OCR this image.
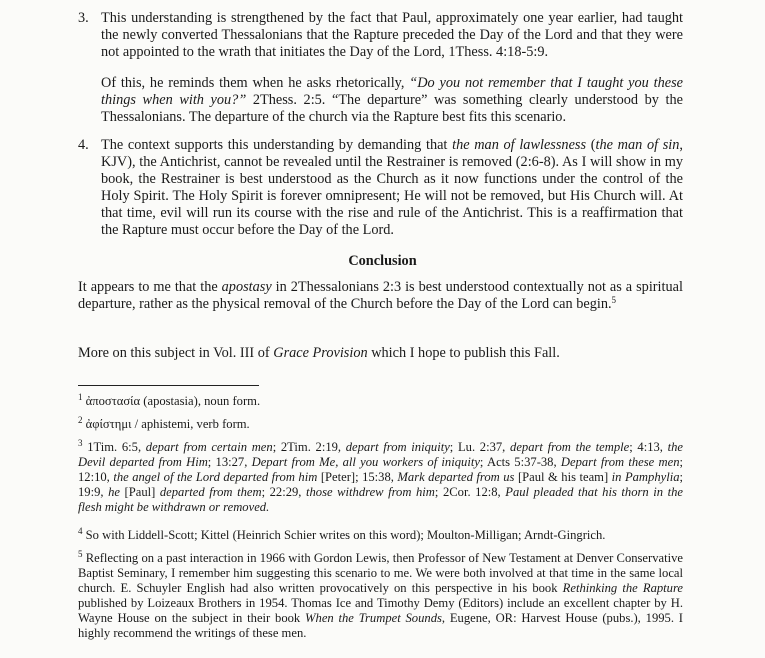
3. This understanding is strengthened by the fact that Paul, approximately one year earlier, had taught the newly converted Thessalonians that the Rapture preceded the Day of the Lord and that they were not appointed to the wrath that initiates the Day of the Lord, 1Thess. 4:18-5:9.

Of this, he reminds them when he asks rhetorically, “Do you not remember that I taught you these things when with you?” 2Thess. 2:5. “The departure” was something clearly understood by the Thessalonians. The departure of the church via the Rapture best fits this scenario.

4. The context supports this understanding by demanding that the man of lawlessness (the man of sin, KJV), the Antichrist, cannot be revealed until the Restrainer is removed (2:6-8). As I will show in my book, the Restrainer is best understood as the Church as it now functions under the control of the Holy Spirit. The Holy Spirit is forever omnipresent; He will not be removed, but His Church will. At that time, evil will run its course with the rise and rule of the Antichrist. This is a reaffirmation that the Rapture must occur before the Day of the Lord.

Conclusion

It appears to me that the apostasy in 2Thessalonians 2:3 is best understood contextually not as a spiritual departure, rather as the physical removal of the Church before the Day of the Lord can begin.$^5$

More on this subject in Vol. III of Grace Provision which I hope to publish this Fall.

$^1$ ἀποστασία (apostasia), noun form.

$^2$ ἀφίστημι / aphistemi, verb form.

$^3$ 1Tim. 6:5, depart from certain men; 2Tim. 2:19, depart from iniquity; Lu. 2:37, depart from the temple; 4:13, the Devil departed from Him; 13:27, Depart from Me, all you workers of iniquity; Acts 5:37-38, Depart from these men; 12:10, the angel of the Lord departed from him [Peter]; 15:38, Mark departed from us [Paul & his team] in Pamphylia; 19:9, he [Paul] departed from them; 22:29, those withdrew from him; 2Cor. 12:8, Paul pleaded that his thorn in the flesh might be withdrawn or removed.

$^4$ So with Liddell-Scott; Kittel (Heinrich Schier writes on this word); Moulton-Milligan; Arndt-Gingrich.

$^5$ Reflecting on a past interaction in 1966 with Gordon Lewis, then Professor of New Testament at Denver Conservative Baptist Seminary, I remember him suggesting this scenario to me. We were both involved at that time in the same local church. E. Schuyler English had also written provocatively on this perspective in his book Rethinking the Rapture published by Loizeaux Brothers in 1954. Thomas Ice and Timothy Demy (Editors) include an excellent chapter by H. Wayne House on the subject in their book When the Trumpet Sounds, Eugene, OR: Harvest House (pubs.), 1995. I highly recommend the writings of these men.
